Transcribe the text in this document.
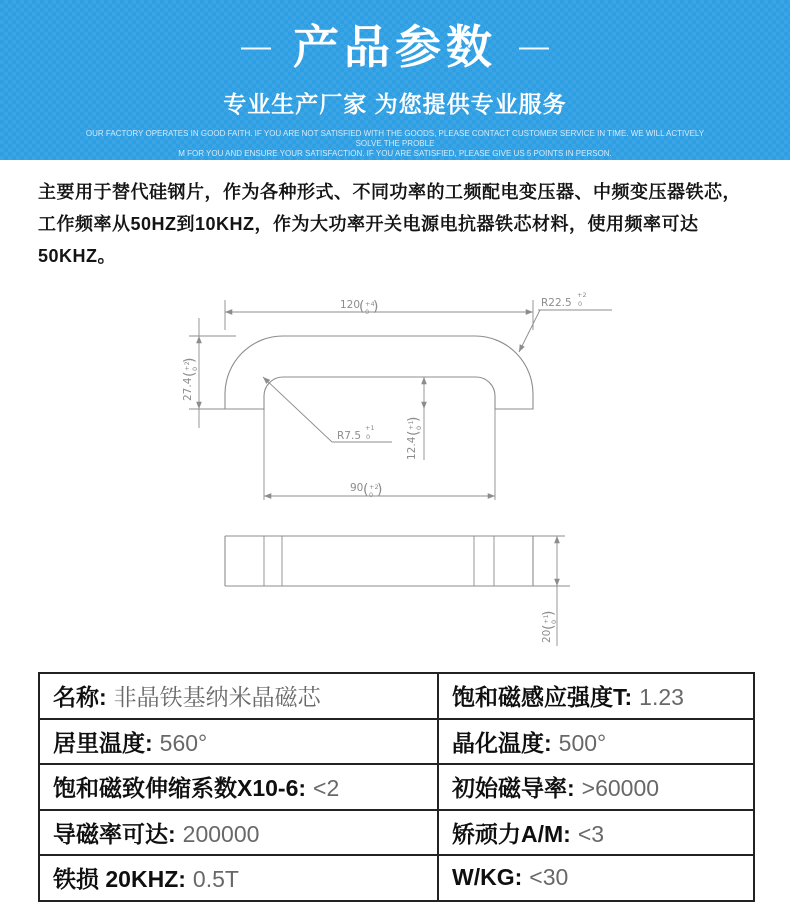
— 产品参数 —
专业生产厂家 为您提供专业服务
OUR FACTORY OPERATES IN GOOD FAITH. IF YOU ARE NOT SATISFIED WITH THE GOODS, PLEASE CONTACT CUSTOMER SERVICE IN TIME. WE WILL ACTIVELY SOLVE THE PROBLE
M FOR YOU AND ENSURE YOUR SATISFACTION. IF YOU ARE SATISFIED, PLEASE GIVE US 5 POINTS IN PERSON.

主要用于替代硅钢片，作为各种形式、不同功率的工频配电变压器、中频变压器铁芯，工作频率从50HZ到10KHZ，作为大功率开关电源电抗器铁芯材料，使用频率可达50KHZ。

120
( +4
0 )
27.4
(
+2 0
)
R22.5
+2
0
R7.5
+1
0	12.4
(
+1 0
)
90 ( +2
0 )
20
(
+1 0
)
名称: 非晶铁基纳米晶磁芯	饱和磁感应强度T: 1.23
居里温度: 560°	晶化温度: 500°
饱和磁致伸缩系数X10-6: <2	初始磁导率: >60000
导磁率可达: 200000	矫顽力A/M: <3
铁损 20KHZ: 0.5T	W/KG: <30
